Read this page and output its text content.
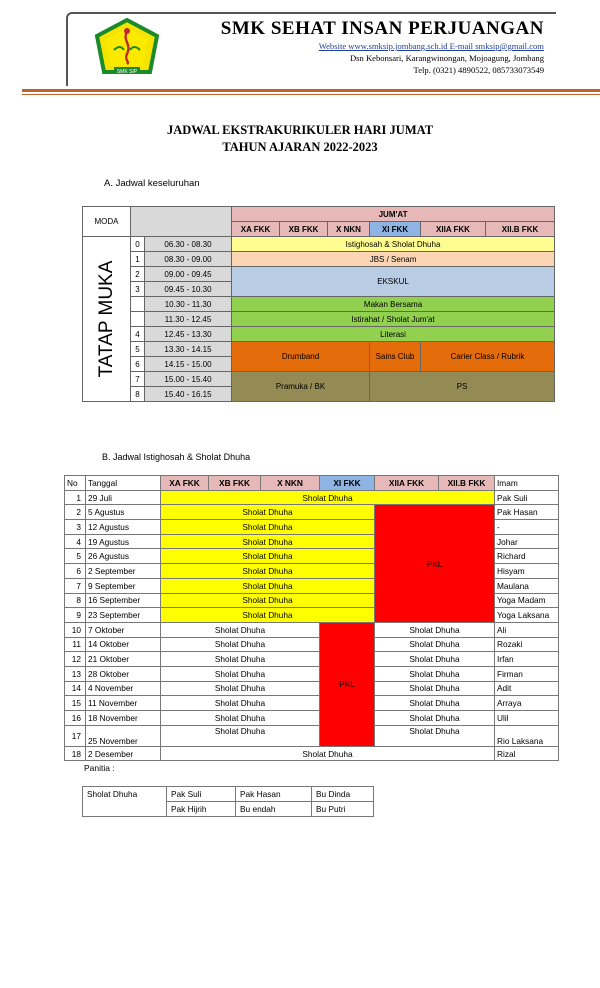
SMK SIP
SMK SEHAT INSAN PERJUANGAN
Website www.smksip.jombang.sch.id E-mail smksip@gmail.com
Dsn Kebonsari, Karangwinongan, Mojoagung, Jombang
Telp. (0321) 4890522, 085733073549
JADWAL EKSTRAKURIKULER HARI JUMAT
TAHUN AJARAN 2022-2023
A. Jadwal keseluruhan
MODA			JUM'AT					
			XA FKK	XB FKK	X NKN	XI FKK	XIIA FKK	XII.B FKK

TATAP MUKA	0	06.30 - 08.30	Istighosah & Sholat Dhuha					
	1	08.30 - 09.00	JBS / Senam					
	2	09.00 - 09.45	EKSKUL					
	3	09.45 - 10.30						
		10.30 - 11.30	Makan Bersama					
		11.30 - 12.45	Istirahat / Sholat Jum'at					
	4	12.45 - 13.30	Literasi					
	5	13.30 - 14.15	Drumband			Sains Club	Carier Class / Rubrik	
	6	14.15 - 15.00						
	7	15.00 - 15.40	Pramuka / BK			PS		
	8	15.40 - 16.15						
B. Jadwal Istighosah & Sholat Dhuha
No	Tanggal	XA FKK	XB FKK	X NKN	XI FKK	XIIA FKK	XII.B FKK	Imam
1	29 Juli	Sholat Dhuha						Pak Suli
2	5 Agustus	Sholat Dhuha				PKL		Pak Hasan
3	12 Agustus	Sholat Dhuha						-
4	19 Agustus	Sholat Dhuha						Johar
5	26 Agustus	Sholat Dhuha						Richard
6	2 September	Sholat Dhuha						Hisyam
7	9 September	Sholat Dhuha						Maulana
8	16 September	Sholat Dhuha						Yoga Madam
9	23 September	Sholat Dhuha						Yoga Laksana
10	7 Oktober	Sholat Dhuha			PKL	Sholat Dhuha		Ali
11	14 Oktober	Sholat Dhuha				Sholat Dhuha		Rozaki
12	21 Oktober	Sholat Dhuha				Sholat Dhuha		Irfan
13	28 Oktober	Sholat Dhuha				Sholat Dhuha		Firman
14	4 November	Sholat Dhuha				Sholat Dhuha		Adit
15	11 November	Sholat Dhuha				Sholat Dhuha		Arraya
16	18 November	Sholat Dhuha				Sholat Dhuha		Ulil
17	25 November	Sholat Dhuha				Sholat Dhuha		Rio Laksana
18	2 Desember	Sholat Dhuha						Rizal
Panitia :
Sholat Dhuha	Pak Suli	Pak Hasan	Bu Dinda
	Pak Hijrih	Bu endah	Bu Putri
